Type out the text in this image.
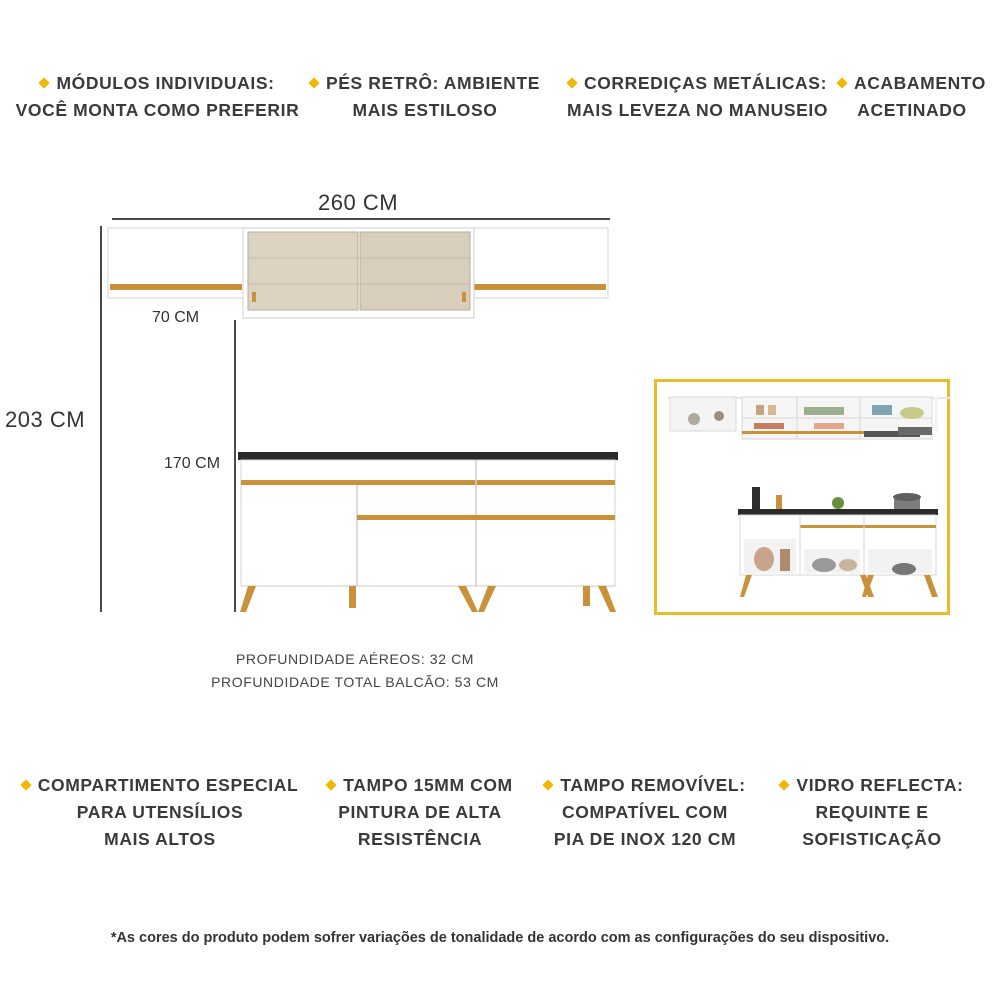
MÓDULOS INDIVIDUAIS:
VOCÊ MONTA COMO PREFERIR
PÉS RETRÔ: AMBIENTE
MAIS ESTILOSO
CORREDIÇAS METÁLICAS:
MAIS LEVEZA NO MANUSEIO
ACABAMENTO
ACETINADO
260 CM
203 CM
70 CM
170 CM
PROFUNDIDADE AÉREOS: 32 CM
PROFUNDIDADE TOTAL BALCÃO: 53 CM
COMPARTIMENTO ESPECIAL
PARA UTENSÍLIOS
MAIS ALTOS
TAMPO 15MM COM
PINTURA DE ALTA
RESISTÊNCIA
TAMPO REMOVÍVEL:
COMPATÍVEL COM
PIA DE INOX 120 CM
VIDRO REFLECTA:
REQUINTE E
SOFISTICAÇÃO
*As cores do produto podem sofrer variações de tonalidade de acordo com as configurações do seu dispositivo.
